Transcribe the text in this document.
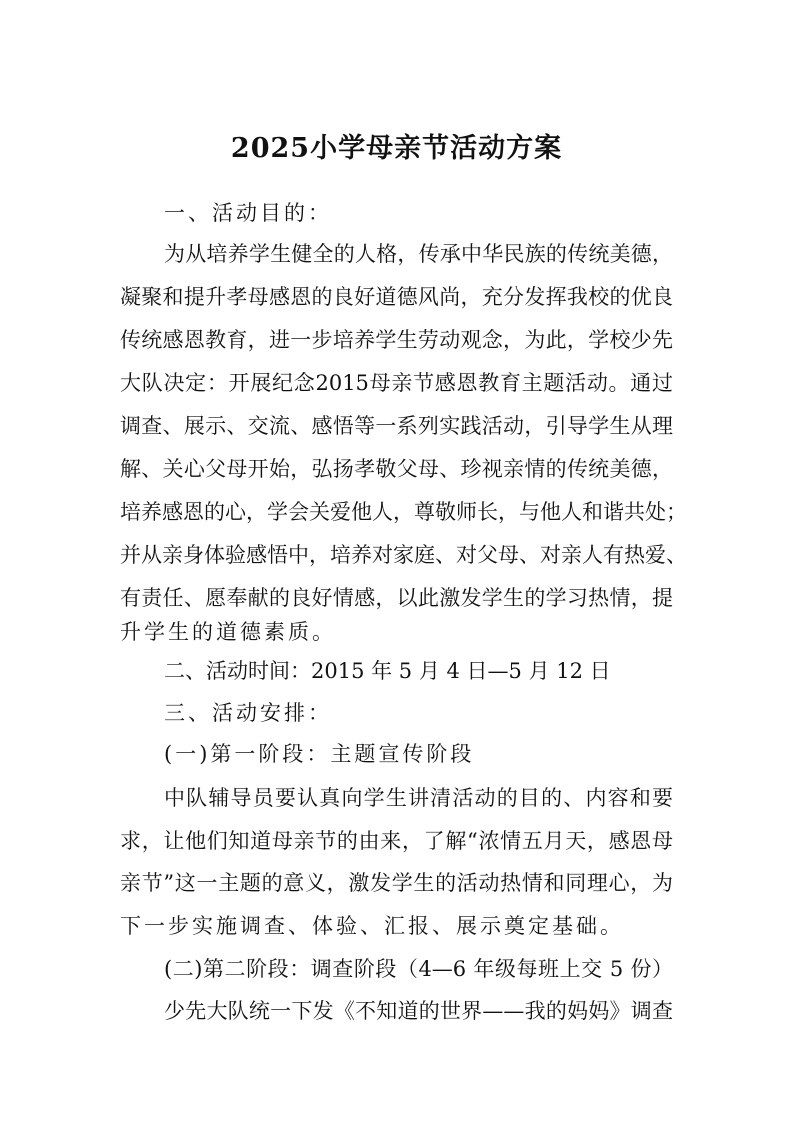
2025小学母亲节活动方案
一、活动目的：
为从培养学生健全的人格，传承中华民族的传统美德，
凝聚和提升孝母感恩的良好道德风尚，充分发挥我校的优良
传统感恩教育，进一步培养学生劳动观念，为此，学校少先
大队决定：开展纪念2015母亲节感恩教育主题活动。通过
调查、展示、交流、感悟等一系列实践活动，引导学生从理
解、关心父母开始，弘扬孝敬父母、珍视亲情的传统美德，
培养感恩的心，学会关爱他人，尊敬师长，与他人和谐共处；
并从亲身体验感悟中，培养对家庭、对父母、对亲人有热爱、
有责任、愿奉献的良好情感，以此激发学生的学习热情，提
升学生的道德素质。
二、活动时间：2015 年 5 月 4 日—5 月 12 日
三、活动安排：
(一)第一阶段：主题宣传阶段
中队辅导员要认真向学生讲清活动的目的、内容和要
求，让他们知道母亲节的由来，了解“浓情五月天，感恩母
亲节”这一主题的意义，激发学生的活动热情和同理心，为
下一步实施调查、体验、汇报、展示奠定基础。
(二)第二阶段：调查阶段（4—6 年级每班上交 5 份）
少先大队统一下发《不知道的世界——我的妈妈》调查
